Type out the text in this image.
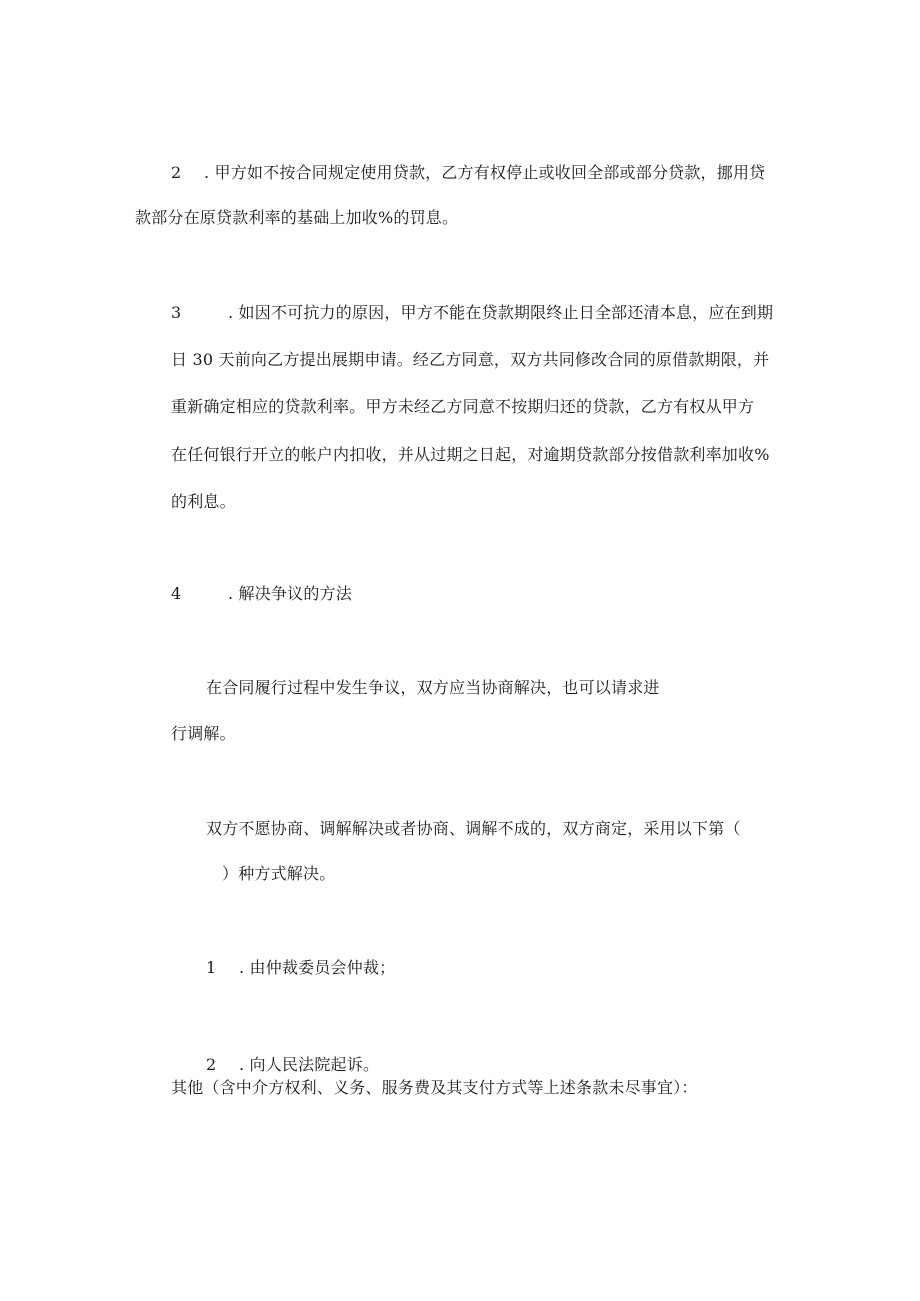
2 . 甲方如不按合同规定使用贷款，乙方有权停止或收回全部或部分贷款，挪用贷
款部分在原贷款利率的基础上加收%的罚息。
3	. 如因不可抗力的原因，甲方不能在贷款期限终止日全部还清本息，应在到期
日 30 天前向乙方提出展期申请。经乙方同意，双方共同修改合同的原借款期限，并
重新确定相应的贷款利率。甲方未经乙方同意不按期归还的贷款，乙方有权从甲方
在任何银行开立的帐户内扣收，并从过期之日起，对逾期贷款部分按借款利率加收%
的利息。
4	. 解决争议的方法
在合同履行过程中发生争议，双方应当协商解决，也可以请求进
行调解。
双方不愿协商、调解解决或者协商、调解不成的，双方商定，采用以下第（
）种方式解决。
1 . 由仲裁委员会仲裁；
2 . 向人民法院起诉。
其他（含中介方权利、义务、服务费及其支付方式等上述条款未尽事宜）：
